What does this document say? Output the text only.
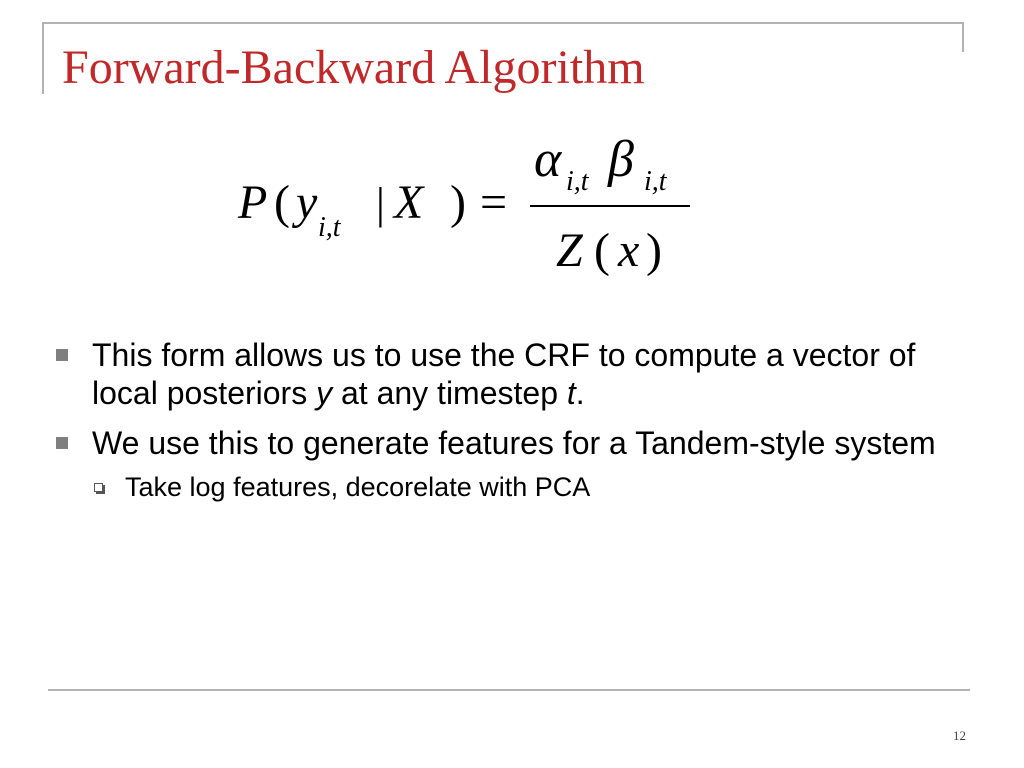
Forward-Backward Algorithm
P ( y i,t | X ) =
α i,t β i,t
Z ( x )
This form allows us to use the CRF to compute a vector of local posteriors y at any timestep t.
We use this to generate features for a Tandem-style system
Take log features, decorelate with PCA
12
